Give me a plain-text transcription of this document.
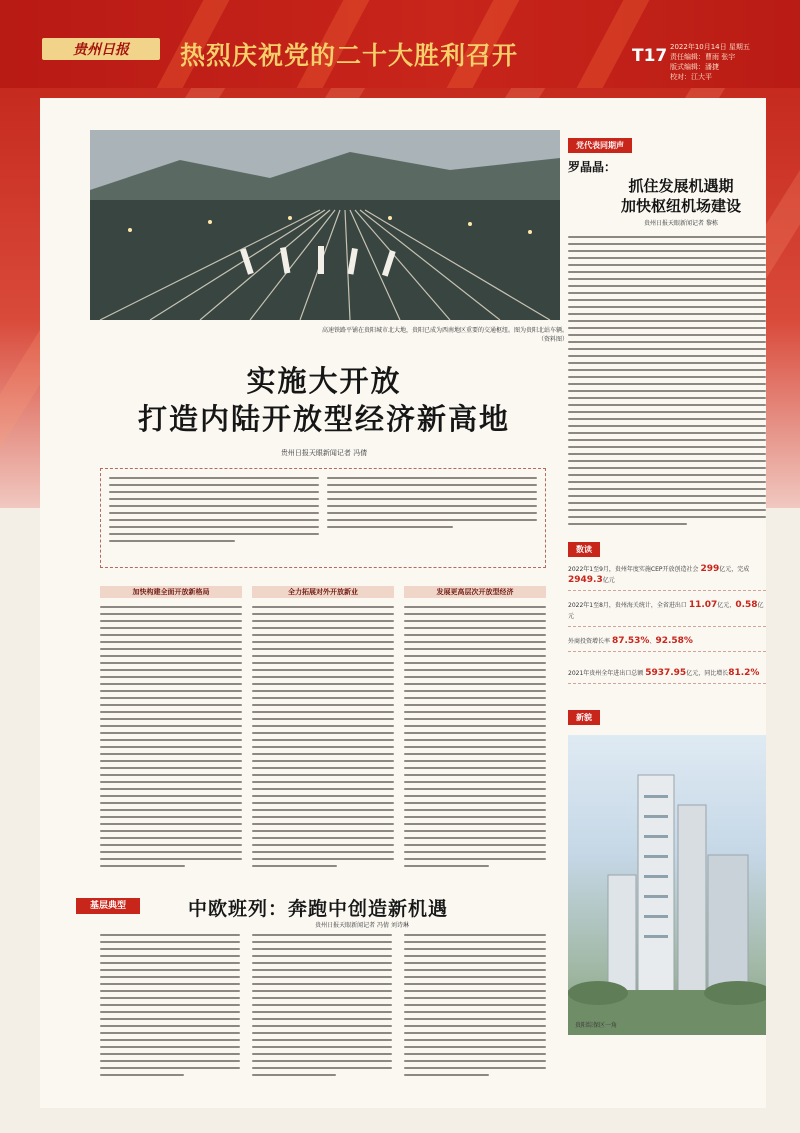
贵州日报 热烈庆祝党的二十大胜利召开	T17 2022年10月14日 星期五
责任编辑：曹雨 张宇
版式编辑：潘捷
校对：江大平
高速铁路平铺在贵阳城市北大地，贵阳已成为西南地区重要的交通枢纽。图为贵阳北站车辆。
（资料图）
实施大开放
打造内陆开放型经济新高地
贵州日报天眼新闻记者 冯倩
加快构建全面开放新格局	全力拓展对外开放新业	发展更高层次开放型经济
党代表同期声
罗晶晶：
抓住发展机遇期
加快枢纽机场建设
贵州日报天眼新闻记者 黎栋
数读
2022年1至9月，贵州年度实施CEP开放创造社会 299亿元，完成2949.3亿元
2022年1至8月，贵州海关统计，全省进出口 11.07亿元，0.58亿元
外商投资增长率 87.53%、92.58%
2021年贵州全年进出口总额 5937.95亿元，同比增长81.2%
新貌
贵阳综保区一角
基层典型	中欧班列：奔跑中创造新机遇
贵州日报天眼新闻记者 冯倩 刘诗琳
